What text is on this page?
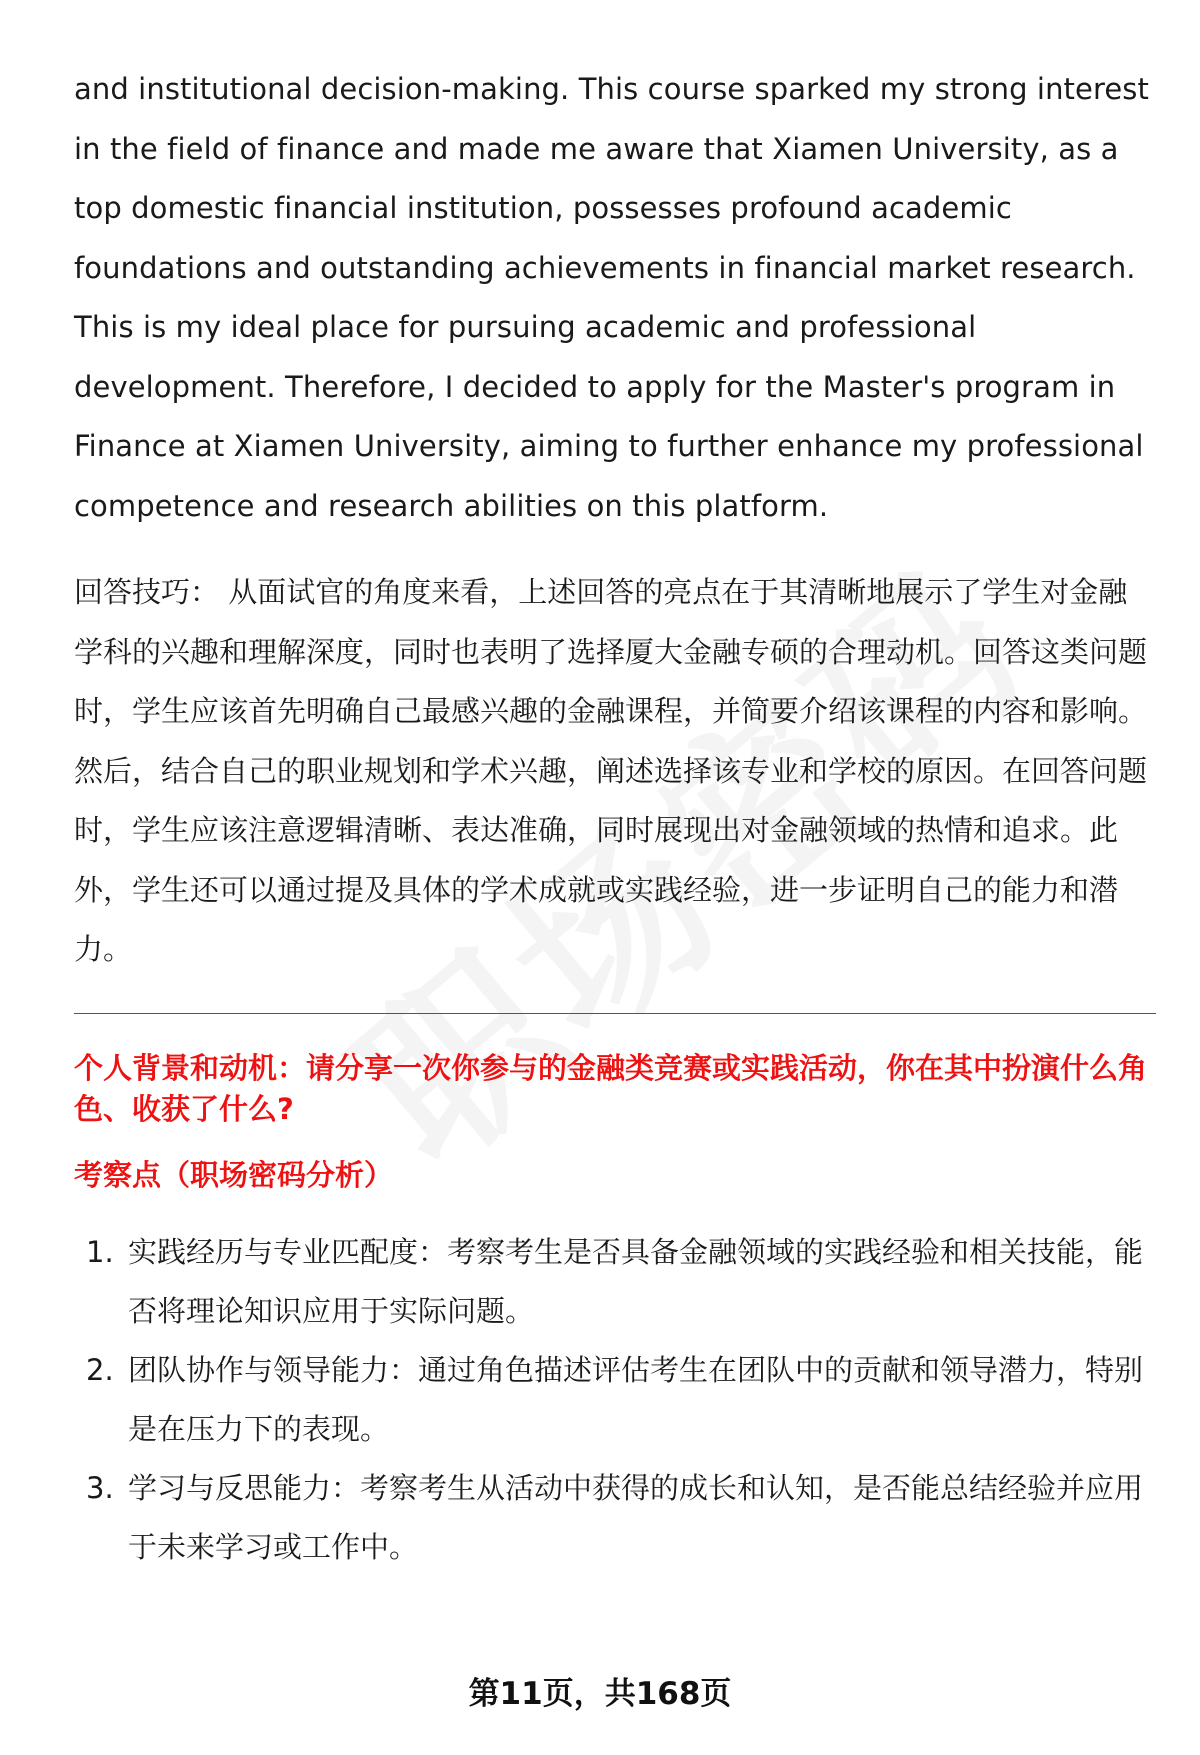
and institutional decision-making. This course sparked my strong interest in the field of finance and made me aware that Xiamen University, as a top domestic financial institution, possesses profound academic foundations and outstanding achievements in financial market research. This is my ideal place for pursuing academic and professional development. Therefore, I decided to apply for the Master's program in Finance at Xiamen University, aiming to further enhance my professional competence and research abilities on this platform.

回答技巧： 从面试官的角度来看，上述回答的亮点在于其清晰地展示了学生对金融学科的兴趣和理解深度，同时也表明了选择厦大金融专硕的合理动机。回答这类问题时，学生应该首先明确自己最感兴趣的金融课程，并简要介绍该课程的内容和影响。然后，结合自己的职业规划和学术兴趣，阐述选择该专业和学校的原因。在回答问题时，学生应该注意逻辑清晰、表达准确，同时展现出对金融领域的热情和追求。此外，学生还可以通过提及具体的学术成就或实践经验，进一步证明自己的能力和潜力。

个人背景和动机：请分享一次你参与的金融类竞赛或实践活动，你在其中扮演什么角色、收获了什么?
考察点（职场密码分析）
1. 实践经历与专业匹配度：考察考生是否具备金融领域的实践经验和相关技能，能否将理论知识应用于实际问题。
2. 团队协作与领导能力：通过角色描述评估考生在团队中的贡献和领导潜力，特别是在压力下的表现。
3. 学习与反思能力：考察考生从活动中获得的成长和认知，是否能总结经验并应用于未来学习或工作中。
第11页，共168页
